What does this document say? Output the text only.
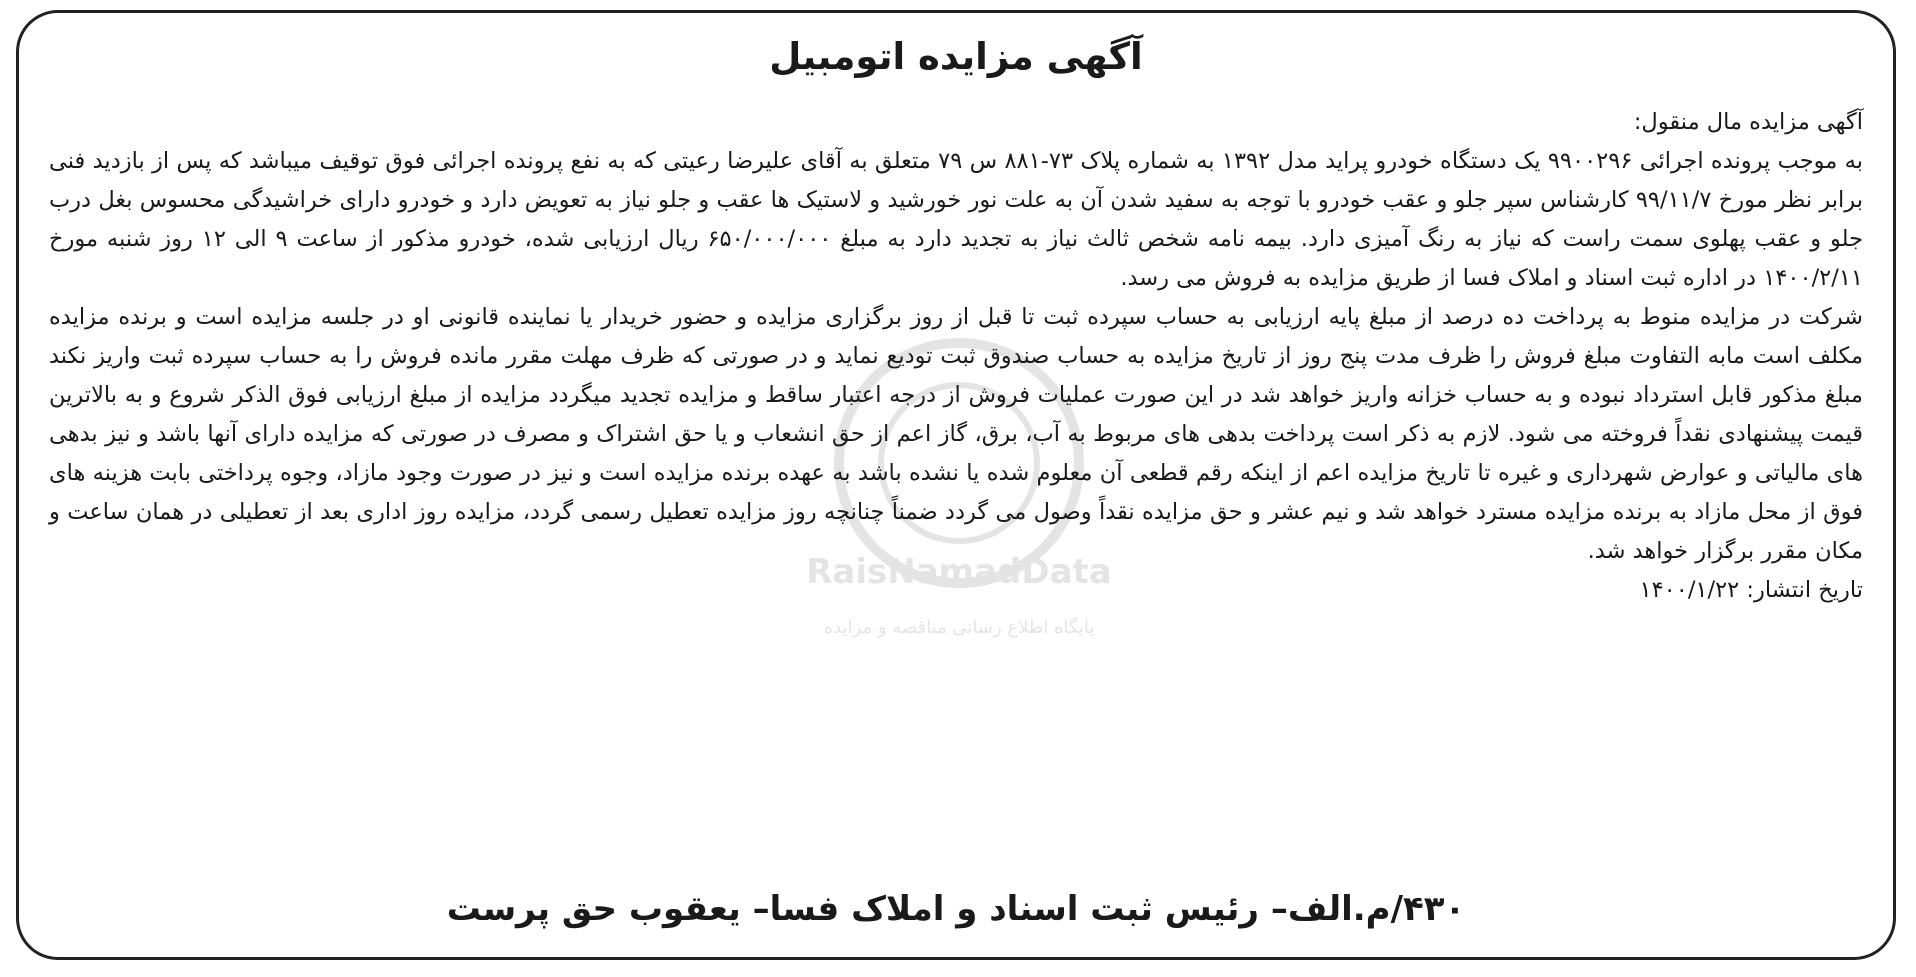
RaisNamadData
پایگاه اطلاع رسانی مناقصه و مزایده
آگهی مزایده اتومبیل

آگهی مزایده مال منقول:

به موجب پرونده اجرائی ۹۹۰۰۲۹۶ یک دستگاه خودرو پراید مدل ۱۳۹۲ به شماره پلاک ۷۳-۸۸۱ س ۷۹ متعلق به آقای علیرضا رعیتی که به نفع پرونده اجرائی فوق توقیف میباشد که پس از بازدید فنی برابر نظر مورخ ۹۹/۱۱/۷ کارشناس سپر جلو و عقب خودرو با توجه به سفید شدن آن به علت نور خورشید و لاستیک ها عقب و جلو نیاز به تعویض دارد و خودرو دارای خراشیدگی محسوس بغل درب جلو و عقب پهلوی سمت راست که نیاز به رنگ آمیزی دارد. بیمه نامه شخص ثالث نیاز به تجدید دارد به مبلغ ۶۵۰/۰۰۰/۰۰۰ ریال ارزیابی شده، خودرو مذکور از ساعت ۹ الی ۱۲ روز شنبه مورخ ۱۴۰۰/۲/۱۱ در اداره ثبت اسناد و املاک فسا از طریق مزایده به فروش می رسد.

شرکت در مزایده منوط به پرداخت ده درصد از مبلغ پایه ارزیابی به حساب سپرده ثبت تا قبل از روز برگزاری مزایده و حضور خریدار یا نماینده قانونی او در جلسه مزایده است و برنده مزایده مکلف است مابه التفاوت مبلغ فروش را ظرف مدت پنج روز از تاریخ مزایده به حساب صندوق ثبت تودیع نماید و در صورتی که ظرف مهلت مقرر مانده فروش را به حساب سپرده ثبت واریز نکند مبلغ مذکور قابل استرداد نبوده و به حساب خزانه واریز خواهد شد در این صورت عملیات فروش از درجه اعتبار ساقط و مزایده تجدید میگردد مزایده از مبلغ ارزیابی فوق الذکر شروع و به بالاترین قیمت پیشنهادی نقداً فروخته می شود. لازم به ذکر است پرداخت بدهی های مربوط به آب، برق، گاز اعم از حق انشعاب و یا حق اشتراک و مصرف در صورتی که مزایده دارای آنها باشد و نیز بدهی های مالیاتی و عوارض شهرداری و غیره تا تاریخ مزایده اعم از اینکه رقم قطعی آن معلوم شده یا نشده باشد به عهده برنده مزایده است و نیز در صورت وجود مازاد، وجوه پرداختی بابت هزینه های فوق از محل مازاد به برنده مزایده مسترد خواهد شد و نیم عشر و حق مزایده نقداً وصول می گردد ضمناً چنانچه روز مزایده تعطیل رسمی گردد، مزایده روز اداری بعد از تعطیلی در همان ساعت و مکان مقرر برگزار خواهد شد.

تاریخ انتشار: ۱۴۰۰/۱/۲۲

۴۳۰/م.الف– رئیس ثبت اسناد و املاک فسا– یعقوب حق پرست
